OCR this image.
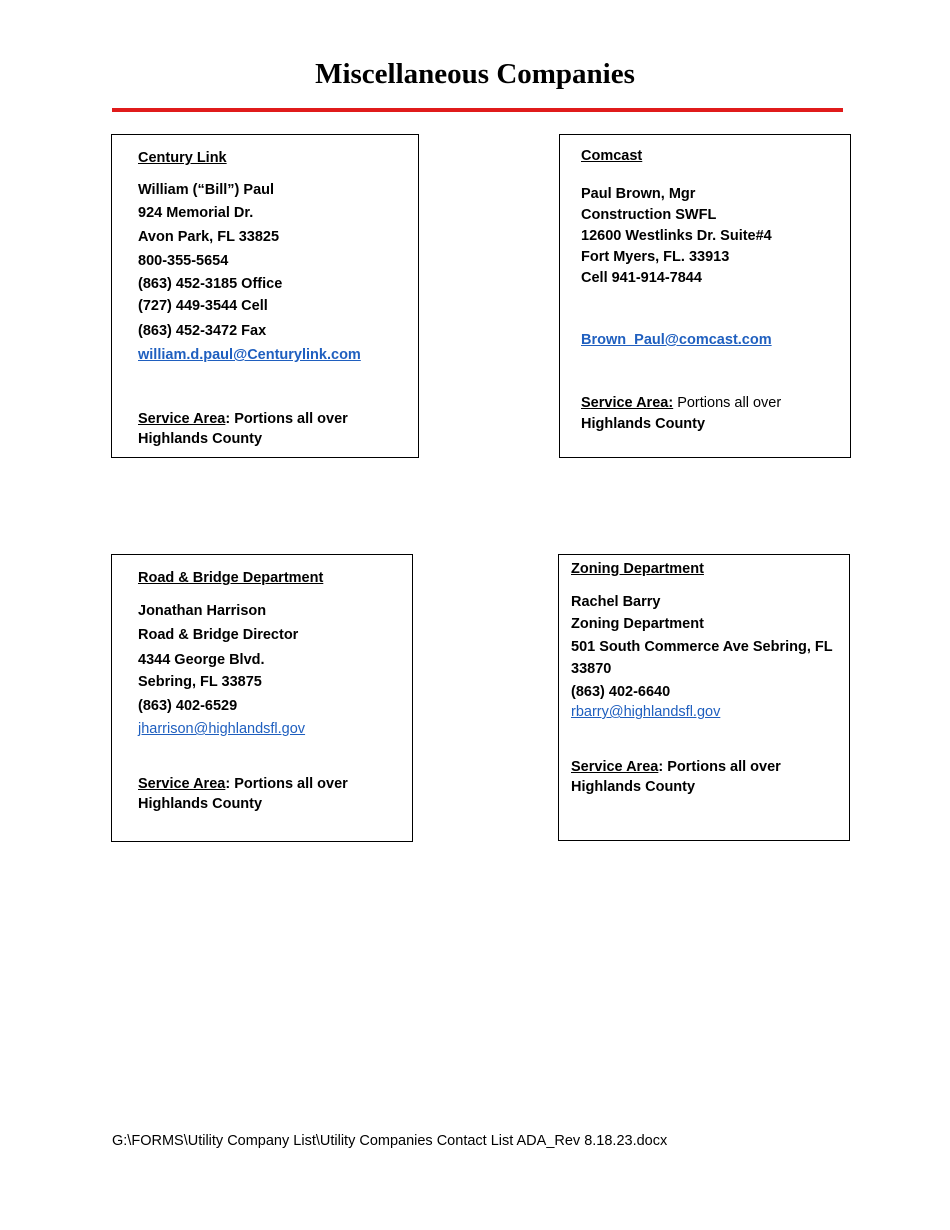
Miscellaneous Companies
Century Link
William (“Bill”) Paul
924 Memorial Dr.
Avon Park, FL 33825
800-355-5654
(863) 452-3185 Office
(727) 449-3544 Cell
(863) 452-3472 Fax
william.d.paul@Centurylink.com
Service Area: Portions all over
Highlands County
Comcast
Paul Brown, Mgr
Construction SWFL
12600 Westlinks Dr. Suite#4
Fort Myers, FL. 33913
Cell 941-914-7844
Brown_Paul@comcast.com
Service Area: Portions all over
Highlands County
Road & Bridge Department
Jonathan Harrison
Road & Bridge Director
4344 George Blvd.
Sebring, FL 33875
(863) 402-6529
jharrison@highlandsfl.gov
Service Area: Portions all over
Highlands County
Zoning Department
Rachel Barry
Zoning Department
501 South Commerce Ave Sebring, FL
33870
(863) 402-6640
rbarry@highlandsfl.gov
Service Area: Portions all over
Highlands County
G:\FORMS\Utility Company List\Utility Companies Contact List ADA_Rev 8.18.23.docx
